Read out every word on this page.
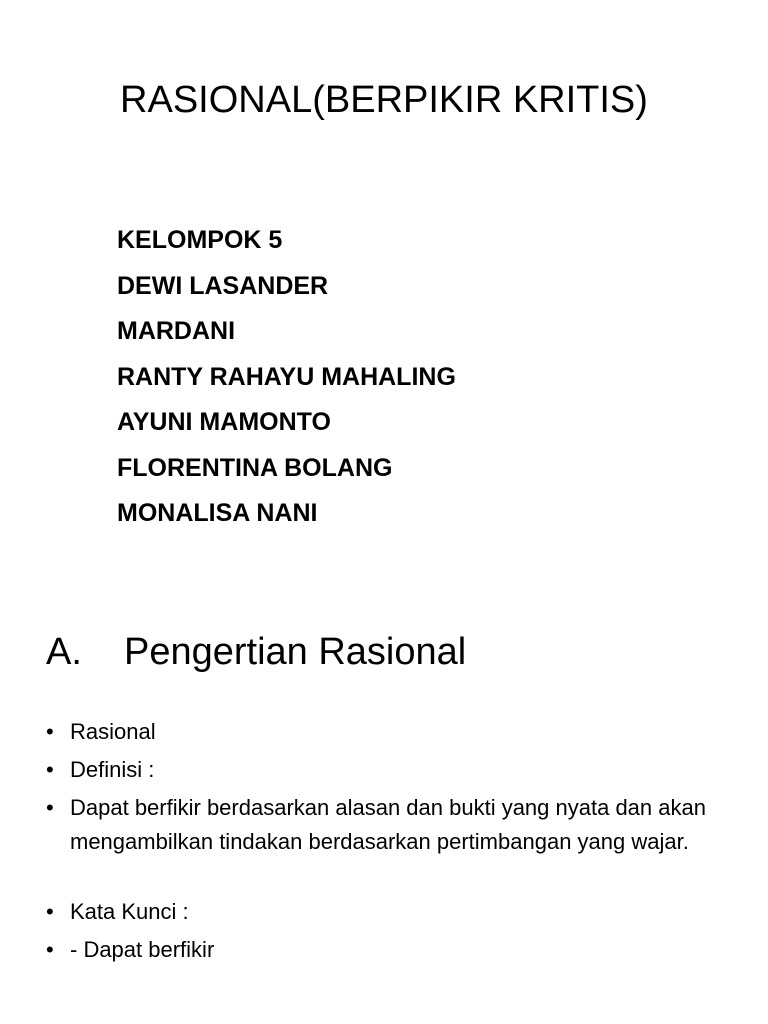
RASIONAL(BERPIKIR KRITIS)
KELOMPOK 5
DEWI LASANDER
MARDANI
RANTY RAHAYU MAHALING
AYUNI MAMONTO
FLORENTINA BOLANG
MONALISA NANI
A. Pengertian Rasional
• Rasional
• Definisi :
• Dapat berfikir berdasarkan alasan dan bukti yang nyata dan akan mengambilkan tindakan berdasarkan pertimbangan yang wajar.
• Kata Kunci :
• - Dapat berfikir
